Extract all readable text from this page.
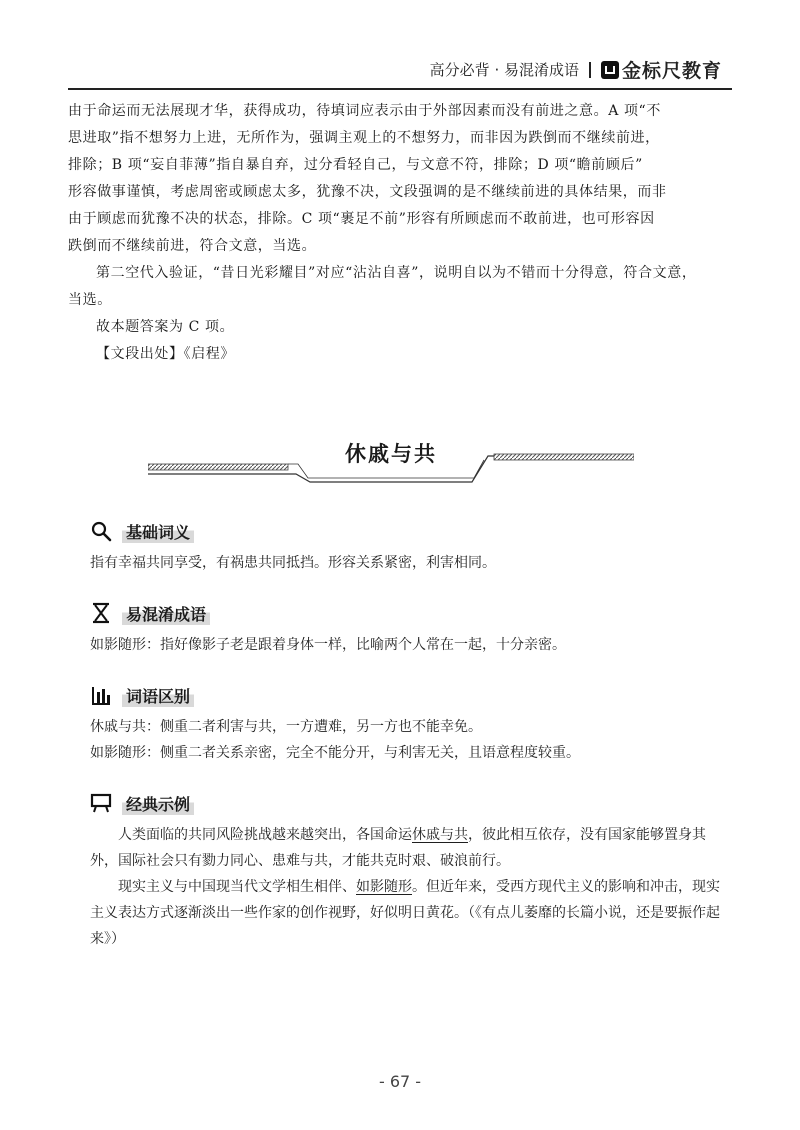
高分必背 · 易混淆成语 金标尺教育

由于命运而无法展现才华，获得成功，待填词应表示由于外部因素而没有前进之意。A 项“不

思进取”指不想努力上进，无所作为，强调主观上的不想努力，而非因为跌倒而不继续前进，

排除；B 项“妄自菲薄”指自暴自弃，过分看轻自己，与文意不符，排除；D 项“瞻前顾后”

形容做事谨慎，考虑周密或顾虑太多，犹豫不决，文段强调的是不继续前进的具体结果，而非

由于顾虑而犹豫不决的状态，排除。C 项“裹足不前”形容有所顾虑而不敢前进，也可形容因

跌倒而不继续前进，符合文意，当选。

第二空代入验证，“昔日光彩耀目”对应“沾沾自喜”，说明自以为不错而十分得意，符合文意，

当选。

故本题答案为 C 项。

【文段出处】《启程》

休戚与共
基础词义

指有幸福共同享受，有祸患共同抵挡。形容关系紧密，利害相同。

易混淆成语

如影随形：指好像影子老是跟着身体一样，比喻两个人常在一起，十分亲密。

词语区别

休戚与共：侧重二者利害与共，一方遭难，另一方也不能幸免。

如影随形：侧重二者关系亲密，完全不能分开，与利害无关，且语意程度较重。

经典示例

人类面临的共同风险挑战越来越突出，各国命运休戚与共，彼此相互依存，没有国家能够置身其外，国际社会只有勠力同心、患难与共，才能共克时艰、破浪前行。

现实主义与中国现当代文学相生相伴、如影随形。但近年来，受西方现代主义的影响和冲击，现实主义表达方式逐渐淡出一些作家的创作视野，好似明日黄花。（《有点儿萎靡的长篇小说，还是要振作起来》）

- 67 -
